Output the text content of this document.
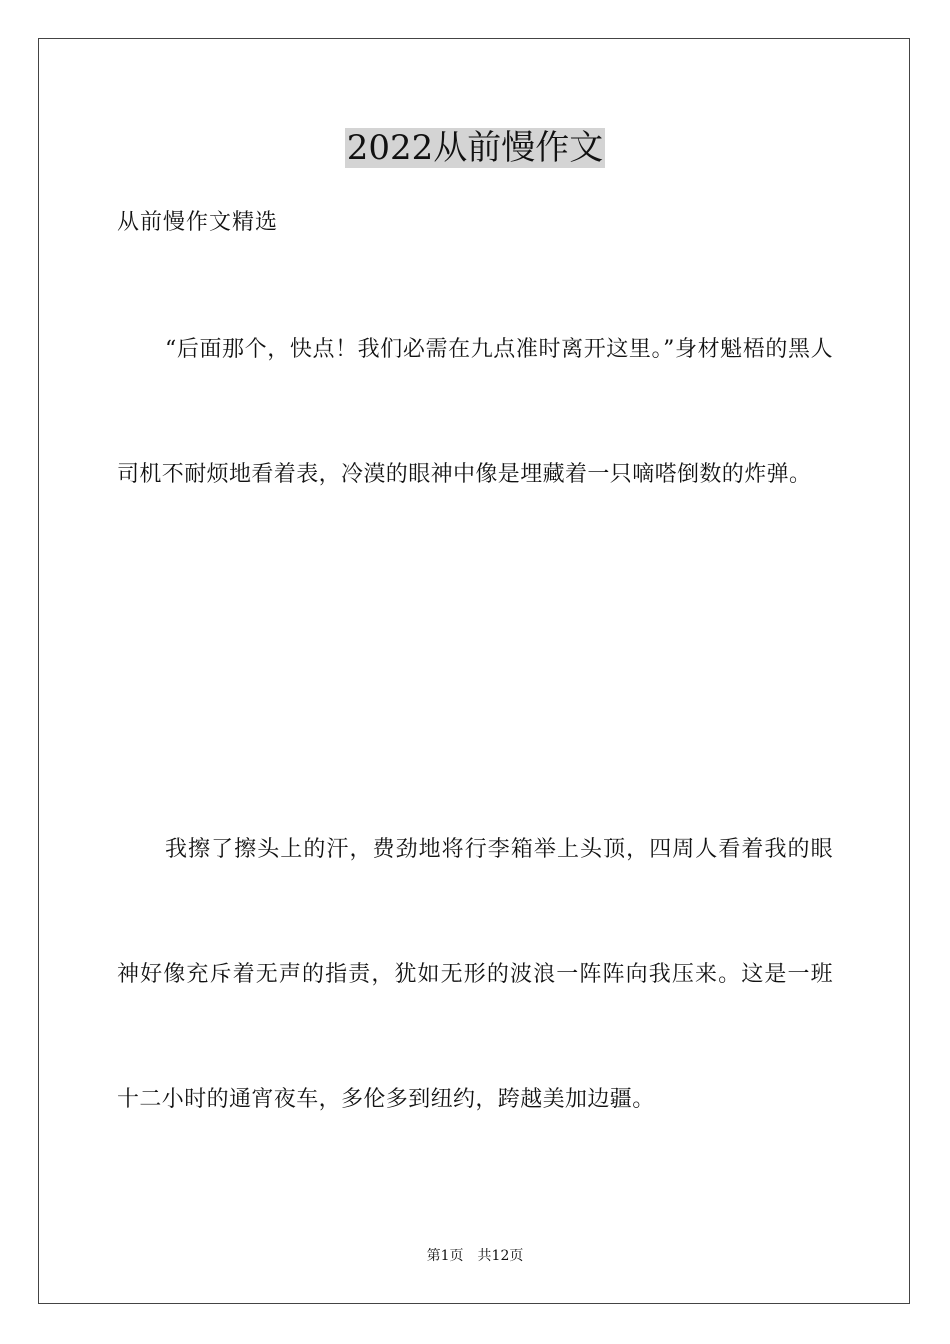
2022从前慢作文

从前慢作文精选

“后面那个，快点！我们必需在九点准时离开这里。”身材魁梧的黑人司机不耐烦地看着表，冷漠的眼神中像是埋藏着一只嘀嗒倒数的炸弹。

我擦了擦头上的汗，费劲地将行李箱举上头顶，四周人看着我的眼神好像充斥着无声的指责，犹如无形的波浪一阵阵向我压来。这是一班十二小时的通宵夜车，多伦多到纽约，跨越美加边疆。

第1页 共12页
